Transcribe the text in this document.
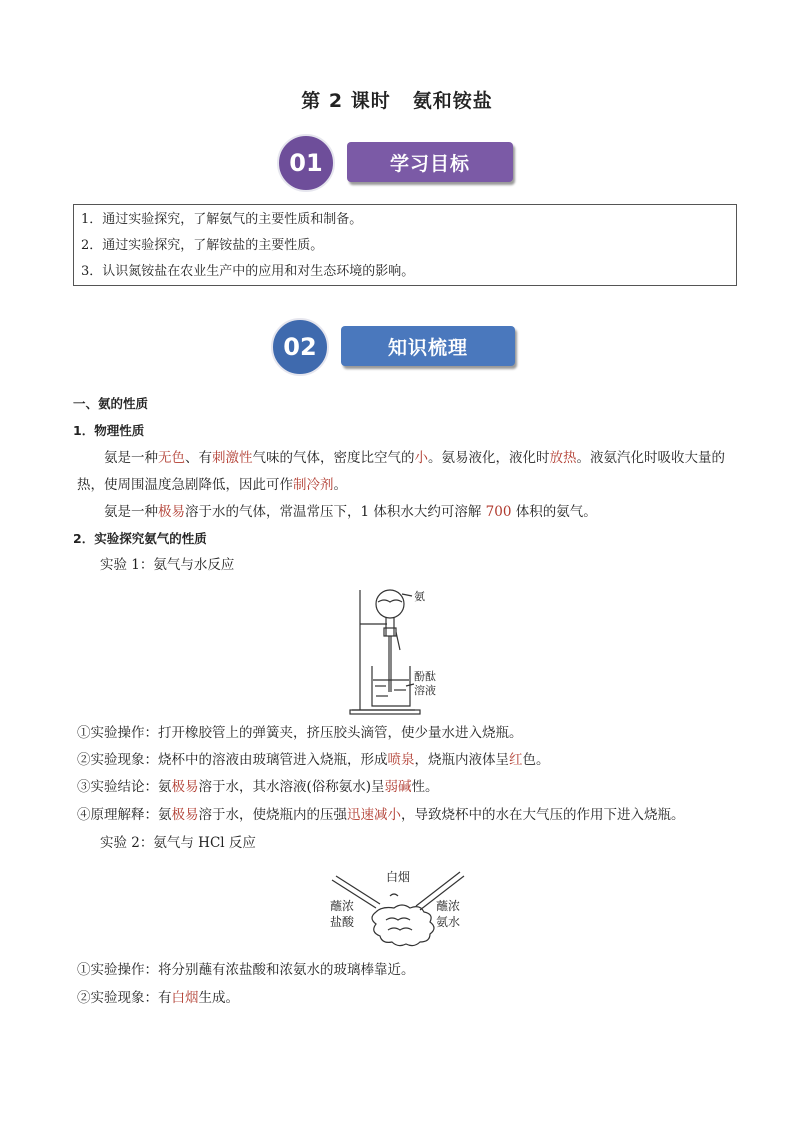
第 2 课时 氨和铵盐
01	学习目标
1．通过实验探究，了解氨气的主要性质和制备。
2．通过实验探究，了解铵盐的主要性质。
3．认识氮铵盐在农业生产中的应用和对生态环境的影响。
02	知识梳理
一、氨的性质
1．物理性质
氨是一种无色、有刺激性气味的气体，密度比空气的小。氨易液化，液化时放热。液氨汽化时吸收大量的热，使周围温度急剧降低，因此可作制冷剂。
氨是一种极易溶于水的气体，常温常压下，1 体积水大约可溶解 700 体积的氨气。
2．实验探究氨气的性质
实验 1：氨气与水反应
氨
酚酞
溶液
①实验操作：打开橡胶管上的弹簧夹，挤压胶头滴管，使少量水进入烧瓶。
②实验现象：烧杯中的溶液由玻璃管进入烧瓶，形成喷泉，烧瓶内液体呈红色。
③实验结论：氨极易溶于水，其水溶液(俗称氨水)呈弱碱性。
④原理解释：氨极易溶于水，使烧瓶内的压强迅速减小，导致烧杯中的水在大气压的作用下进入烧瓶。
实验 2：氨气与 HCl 反应
白烟
蘸浓
盐酸
蘸浓
氨水
①实验操作：将分别蘸有浓盐酸和浓氨水的玻璃棒靠近。
②实验现象：有白烟生成。
